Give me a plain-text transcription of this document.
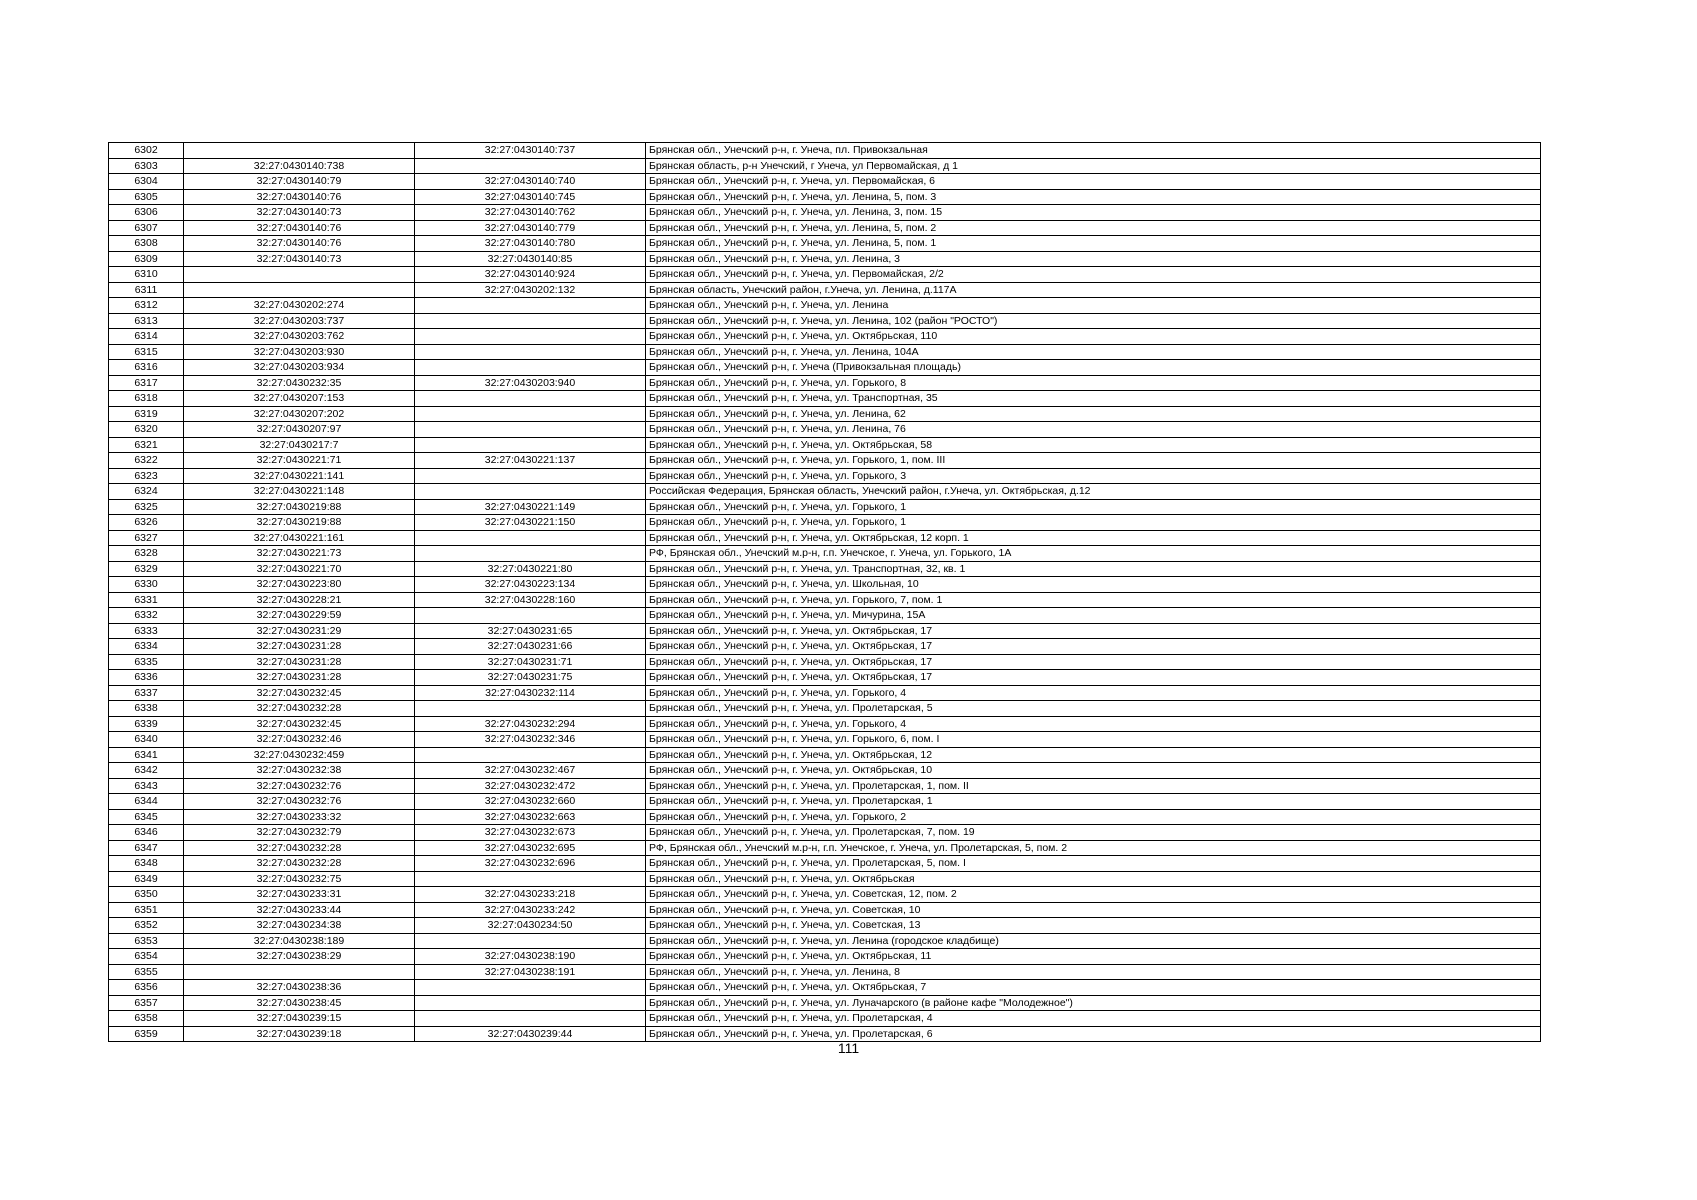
6302		32:27:0430140:737	Брянская обл., Унечский р-н, г. Унеча, пл. Привокзальная
6303	32:27:0430140:738		Брянская область, р-н Унечский, г Унеча, ул Первомайская, д 1
6304	32:27:0430140:79	32:27:0430140:740	Брянская обл., Унечский р-н, г. Унеча, ул. Первомайская, 6
6305	32:27:0430140:76	32:27:0430140:745	Брянская обл., Унечский р-н, г. Унеча, ул. Ленина, 5, пом. 3
6306	32:27:0430140:73	32:27:0430140:762	Брянская обл., Унечский р-н, г. Унеча, ул. Ленина, 3, пом. 15
6307	32:27:0430140:76	32:27:0430140:779	Брянская обл., Унечский р-н, г. Унеча, ул. Ленина, 5, пом. 2
6308	32:27:0430140:76	32:27:0430140:780	Брянская обл., Унечский р-н, г. Унеча, ул. Ленина, 5, пом. 1
6309	32:27:0430140:73	32:27:0430140:85	Брянская обл., Унечский р-н, г. Унеча, ул. Ленина, 3
6310		32:27:0430140:924	Брянская обл., Унечский р-н, г. Унеча, ул. Первомайская, 2/2
6311		32:27:0430202:132	Брянская область, Унечский район, г.Унеча, ул. Ленина, д.117А
6312	32:27:0430202:274		Брянская обл., Унечский р-н, г. Унеча, ул. Ленина
6313	32:27:0430203:737		Брянская обл., Унечский р-н, г. Унеча, ул. Ленина, 102 (район "РОСТО")
6314	32:27:0430203:762		Брянская обл., Унечский р-н, г. Унеча, ул. Октябрьская, 110
6315	32:27:0430203:930		Брянская обл., Унечский р-н, г. Унеча, ул. Ленина, 104А
6316	32:27:0430203:934		Брянская обл., Унечский р-н, г. Унеча (Привокзальная площадь)
6317	32:27:0430232:35	32:27:0430203:940	Брянская обл., Унечский р-н, г. Унеча, ул. Горького, 8
6318	32:27:0430207:153		Брянская обл., Унечский р-н, г. Унеча, ул. Транспортная, 35
6319	32:27:0430207:202		Брянская обл., Унечский р-н, г. Унеча, ул. Ленина, 62
6320	32:27:0430207:97		Брянская обл., Унечский р-н, г. Унеча, ул. Ленина, 76
6321	32:27:0430217:7		Брянская обл., Унечский р-н, г. Унеча, ул. Октябрьская, 58
6322	32:27:0430221:71	32:27:0430221:137	Брянская обл., Унечский р-н, г. Унеча, ул. Горького, 1, пом. III
6323	32:27:0430221:141		Брянская обл., Унечский р-н, г. Унеча, ул. Горького, 3
6324	32:27:0430221:148		Российская Федерация, Брянская область, Унечский район, г.Унеча, ул. Октябрьская, д.12
6325	32:27:0430219:88	32:27:0430221:149	Брянская обл., Унечский р-н, г. Унеча, ул. Горького, 1
6326	32:27:0430219:88	32:27:0430221:150	Брянская обл., Унечский р-н, г. Унеча, ул. Горького, 1
6327	32:27:0430221:161		Брянская обл., Унечский р-н, г. Унеча, ул. Октябрьская, 12 корп. 1
6328	32:27:0430221:73		РФ, Брянская обл., Унечский м.р-н, г.п. Унечское, г. Унеча, ул. Горького, 1А
6329	32:27:0430221:70	32:27:0430221:80	Брянская обл., Унечский р-н, г. Унеча, ул. Транспортная, 32, кв. 1
6330	32:27:0430223:80	32:27:0430223:134	Брянская обл., Унечский р-н, г. Унеча, ул. Школьная, 10
6331	32:27:0430228:21	32:27:0430228:160	Брянская обл., Унечский р-н, г. Унеча, ул. Горького, 7, пом. 1
6332	32:27:0430229:59		Брянская обл., Унечский р-н, г. Унеча, ул. Мичурина, 15А
6333	32:27:0430231:29	32:27:0430231:65	Брянская обл., Унечский р-н, г. Унеча, ул. Октябрьская, 17
6334	32:27:0430231:28	32:27:0430231:66	Брянская обл., Унечский р-н, г. Унеча, ул. Октябрьская, 17
6335	32:27:0430231:28	32:27:0430231:71	Брянская обл., Унечский р-н, г. Унеча, ул. Октябрьская, 17
6336	32:27:0430231:28	32:27:0430231:75	Брянская обл., Унечский р-н, г. Унеча, ул. Октябрьская, 17
6337	32:27:0430232:45	32:27:0430232:114	Брянская обл., Унечский р-н, г. Унеча, ул. Горького, 4
6338	32:27:0430232:28		Брянская обл., Унечский р-н, г. Унеча, ул. Пролетарская, 5
6339	32:27:0430232:45	32:27:0430232:294	Брянская обл., Унечский р-н, г. Унеча, ул. Горького, 4
6340	32:27:0430232:46	32:27:0430232:346	Брянская обл., Унечский р-н, г. Унеча, ул. Горького, 6, пом. I
6341	32:27:0430232:459		Брянская обл., Унечский р-н, г. Унеча, ул. Октябрьская, 12
6342	32:27:0430232:38	32:27:0430232:467	Брянская обл., Унечский р-н, г. Унеча, ул. Октябрьская, 10
6343	32:27:0430232:76	32:27:0430232:472	Брянская обл., Унечский р-н, г. Унеча, ул. Пролетарская, 1, пом. II
6344	32:27:0430232:76	32:27:0430232:660	Брянская обл., Унечский р-н, г. Унеча, ул. Пролетарская, 1
6345	32:27:0430233:32	32:27:0430232:663	Брянская обл., Унечский р-н, г. Унеча, ул. Горького, 2
6346	32:27:0430232:79	32:27:0430232:673	Брянская обл., Унечский р-н, г. Унеча, ул. Пролетарская, 7, пом. 19
6347	32:27:0430232:28	32:27:0430232:695	РФ, Брянская обл., Унечский м.р-н, г.п. Унечское, г. Унеча, ул. Пролетарская, 5, пом. 2
6348	32:27:0430232:28	32:27:0430232:696	Брянская обл., Унечский р-н, г. Унеча, ул. Пролетарская, 5, пом. I
6349	32:27:0430232:75		Брянская обл., Унечский р-н, г. Унеча, ул. Октябрьская
6350	32:27:0430233:31	32:27:0430233:218	Брянская обл., Унечский р-н, г. Унеча, ул. Советская, 12, пом. 2
6351	32:27:0430233:44	32:27:0430233:242	Брянская обл., Унечский р-н, г. Унеча, ул. Советская, 10
6352	32:27:0430234:38	32:27:0430234:50	Брянская обл., Унечский р-н, г. Унеча, ул. Советская, 13
6353	32:27:0430238:189		Брянская обл., Унечский р-н, г. Унеча, ул. Ленина (городское кладбище)
6354	32:27:0430238:29	32:27:0430238:190	Брянская обл., Унечский р-н, г. Унеча, ул. Октябрьская, 11
6355		32:27:0430238:191	Брянская обл., Унечский р-н, г. Унеча, ул. Ленина, 8
6356	32:27:0430238:36		Брянская обл., Унечский р-н, г. Унеча, ул. Октябрьская, 7
6357	32:27:0430238:45		Брянская обл., Унечский р-н, г. Унеча, ул. Луначарского (в районе кафе "Молодежное")
6358	32:27:0430239:15		Брянская обл., Унечский р-н, г. Унеча, ул. Пролетарская, 4
6359	32:27:0430239:18	32:27:0430239:44	Брянская обл., Унечский р-н, г. Унеча, ул. Пролетарская, 6
111
